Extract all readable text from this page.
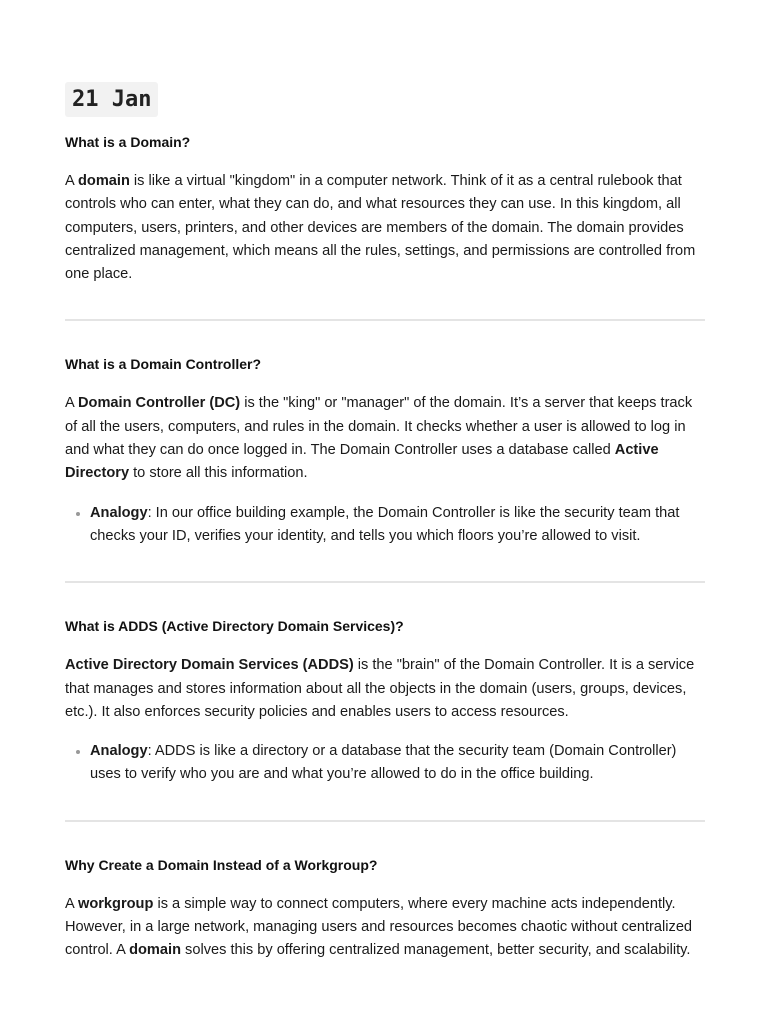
21 Jan
What is a Domain?

A domain is like a virtual "kingdom" in a computer network. Think of it as a central rulebook that controls who can enter, what they can do, and what resources they can use. In this kingdom, all computers, users, printers, and other devices are members of the domain. The domain provides centralized management, which means all the rules, settings, and permissions are controlled from one place.

What is a Domain Controller?

A Domain Controller (DC) is the "king" or "manager" of the domain. It’s a server that keeps track of all the users, computers, and rules in the domain. It checks whether a user is allowed to log in and what they can do once logged in. The Domain Controller uses a database called Active Directory to store all this information.

• Analogy: In our office building example, the Domain Controller is like the security team that checks your ID, verifies your identity, and tells you which floors you’re allowed to visit.
What is ADDS (Active Directory Domain Services)?

Active Directory Domain Services (ADDS) is the "brain" of the Domain Controller. It is a service that manages and stores information about all the objects in the domain (users, groups, devices, etc.). It also enforces security policies and enables users to access resources.

• Analogy: ADDS is like a directory or a database that the security team (Domain Controller) uses to verify who you are and what you’re allowed to do in the office building.
Why Create a Domain Instead of a Workgroup?

A workgroup is a simple way to connect computers, where every machine acts independently. However, in a large network, managing users and resources becomes chaotic without centralized control. A domain solves this by offering centralized management, better security, and scalability.
